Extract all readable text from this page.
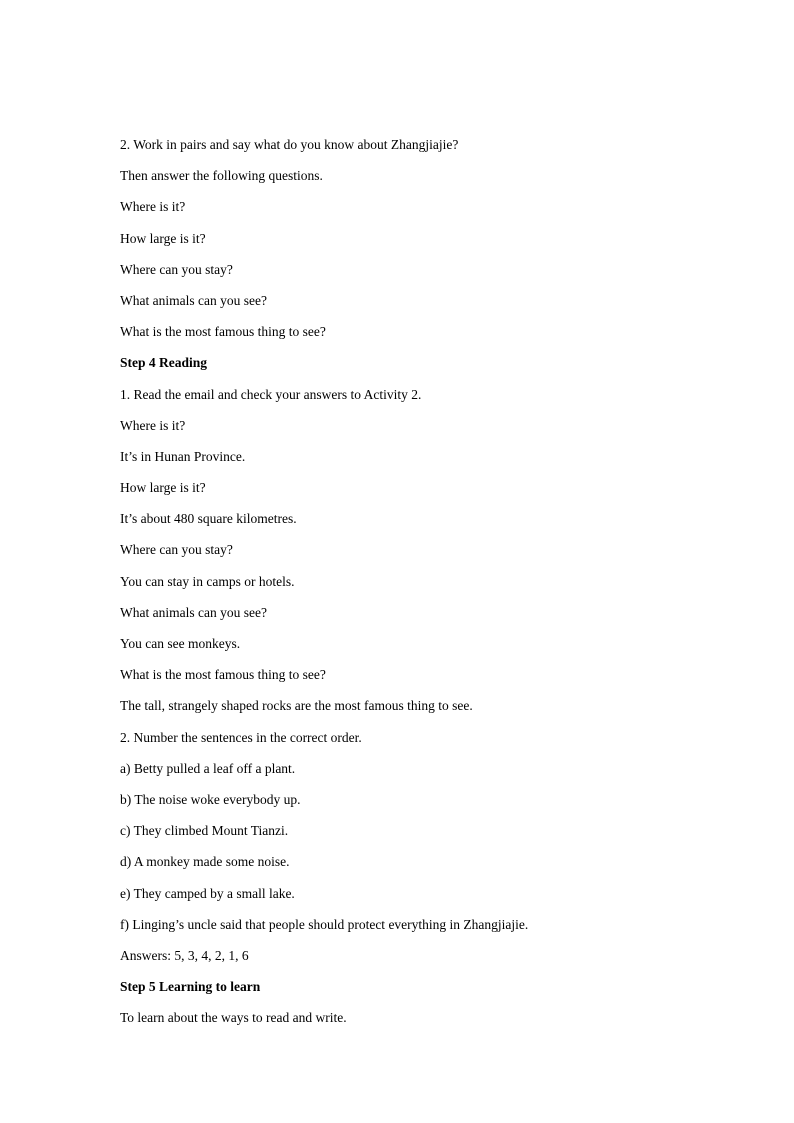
2. Work in pairs and say what do you know about Zhangjiajie?

Then answer the following questions.

Where is it?

How large is it?

Where can you stay?

What animals can you see?

What is the most famous thing to see?

Step 4 Reading

1. Read the email and check your answers to Activity 2.

Where is it?

It’s in Hunan Province.

How large is it?

It’s about 480 square kilometres.

Where can you stay?

You can stay in camps or hotels.

What animals can you see?

You can see monkeys.

What is the most famous thing to see?

The tall, strangely shaped rocks are the most famous thing to see.

2. Number the sentences in the correct order.

a) Betty pulled a leaf off a plant.

b) The noise woke everybody up.

c) They climbed Mount Tianzi.

d) A monkey made some noise.

e) They camped by a small lake.

f) Linging’s uncle said that people should protect everything in Zhangjiajie.

Answers: 5, 3, 4, 2, 1, 6

Step 5 Learning to learn

To learn about the ways to read and write.
